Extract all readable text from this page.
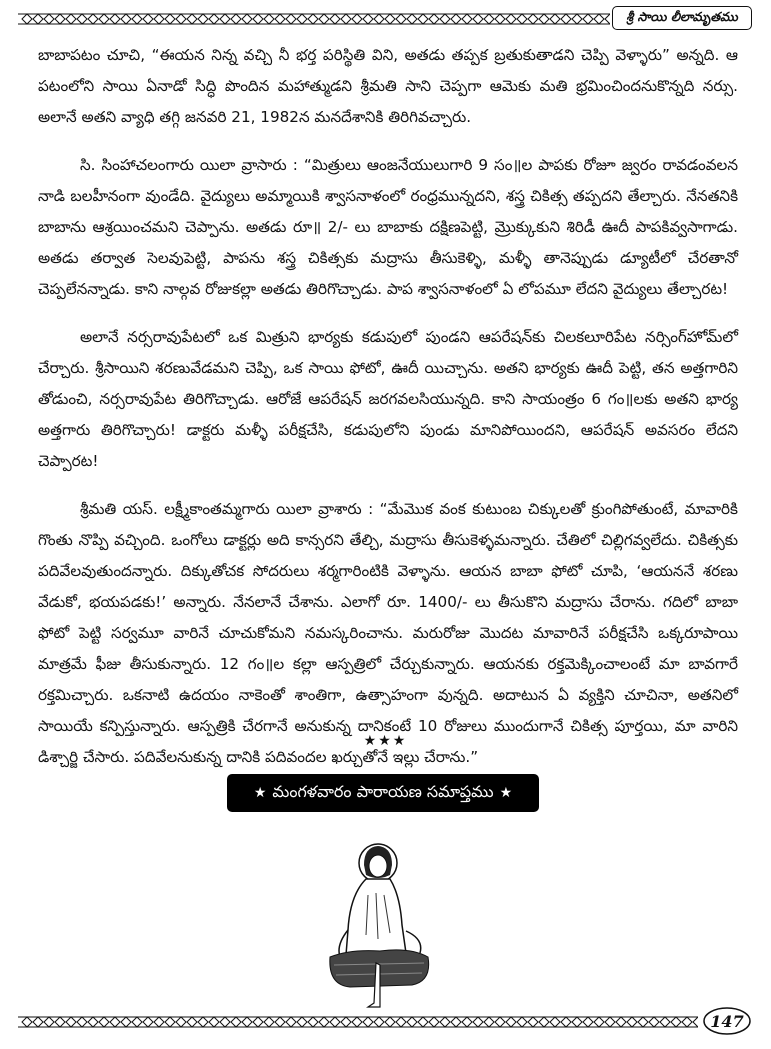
శ్రీ సాయి లీలామృతము

బాబాపటం చూచి, “ఈయన నిన్న వచ్చి నీ భర్త పరిస్థితి విని, అతడు తప్పక బ్రతుకుతాడని చెప్పి వెళ్ళారు” అన్నది. ఆ పటంలోని సాయి ఏనాడో సిద్ధి పొందిన మహాత్ముడని శ్రీమతి సాని చెప్పగా ఆమెకు మతి భ్రమించిందనుకొన్నది నర్సు. అలానే అతని వ్యాధి తగ్గి జనవరి 21, 1982న మనదేశానికి తిరిగివచ్చారు.

సి. సింహాచలంగారు యిలా వ్రాసారు : “మిత్రులు ఆంజనేయులుగారి 9 సం॥ల పాపకు రోజూ జ్వరం రావడంవలన నాడి బలహీనంగా వుండేది. వైద్యులు అమ్మాయికి శ్వాసనాళంలో రంధ్రమున్నదని, శస్త్ర చికిత్స తప్పదని తేల్చారు. నేనతనికి బాబాను ఆశ్రయించమని చెప్పాను. అతడు రూ॥ 2/- లు బాబాకు దక్షిణపెట్టి, మ్రొక్కుకుని శిరిడీ ఊదీ పాపకివ్వసాగాడు. అతడు తర్వాత సెలవుపెట్టి, పాపను శస్త్ర చికిత్సకు మద్రాసు తీసుకెళ్ళి, మళ్ళీ తానెప్పుడు డ్యూటీలో చేరతానో చెప్పలేనన్నాడు. కాని నాల్గవ రోజుకల్లా అతడు తిరిగొచ్చాడు. పాప శ్వాసనాళంలో ఏ లోపమూ లేదని వైద్యులు తేల్చారట!

అలానే నర్సరావుపేటలో ఒక మిత్రుని భార్యకు కడుపులో పుండని ఆపరేషన్‌కు చిలకలూరిపేట నర్సింగ్‌హోమ్‌లో చేర్చారు. శ్రీసాయిని శరణువేడమని చెప్పి, ఒక సాయి ఫోటో, ఊదీ యిచ్చాను. అతని భార్యకు ఊదీ పెట్టి, తన అత్తగారిని తోడుంచి, నర్సరావుపేట తిరిగొచ్చాడు. ఆరోజే ఆపరేషన్ జరగవలసియున్నది. కాని సాయంత్రం 6 గం॥లకు అతని భార్య అత్తగారు తిరిగొచ్చారు! డాక్టరు మళ్ళీ పరీక్షచేసి, కడుపులోని పుండు మానిపోయిందని, ఆపరేషన్ అవసరం లేదని చెప్పారట!

శ్రీమతి యస్. లక్ష్మీకాంతమ్మగారు యిలా వ్రాశారు : “మేమొక వంక కుటుంబ చిక్కులతో క్రుంగిపోతుంటే, మావారికి గొంతు నొప్పి వచ్చింది. ఒంగోలు డాక్టర్లు అది కాన్సరని తేల్చి, మద్రాసు తీసుకెళ్ళమన్నారు. చేతిలో చిల్లిగవ్వలేదు. చికిత్సకు పదివేలవుతుందన్నారు. దిక్కుతోచక సోదరులు శర్మగారింటికి వెళ్ళాను. ఆయన బాబా ఫోటో చూపి, ‘ఆయననే శరణు వేడుకో, భయపడకు!’ అన్నారు. నేనలానే చేశాను. ఎలాగో రూ. 1400/- లు తీసుకొని మద్రాసు చేరాను. గదిలో బాబా ఫోటో పెట్టి సర్వమూ వారినే చూచుకోమని నమస్కరించాను. మరురోజు మొదట మావారినే పరీక్షచేసి ఒక్కరూపాయి మాత్రమే ఫీజు తీసుకున్నారు. 12 గం॥ల కల్లా ఆస్పత్రిలో చేర్చుకున్నారు. ఆయనకు రక్తమెక్కించాలంటే మా బావగారే రక్తమిచ్చారు. ఒకనాటి ఉదయం నాకెంతో శాంతిగా, ఉత్సాహంగా వున్నది. అదాటున ఏ వ్యక్తిని చూచినా, అతనిలో సాయియే కన్పిస్తున్నారు. ఆస్పత్రికి చేరగానే అనుకున్న దానికంటే 10 రోజులు ముందుగానే చికిత్స పూర్తయి, మా వారిని డిశ్చార్జి చేసారు. పదివేలనుకున్న దానికి పదివందల ఖర్చుతోనే ఇల్లు చేరాను.”

★★★
★ మంగళవారం పారాయణ సమాప్తము ★
147
